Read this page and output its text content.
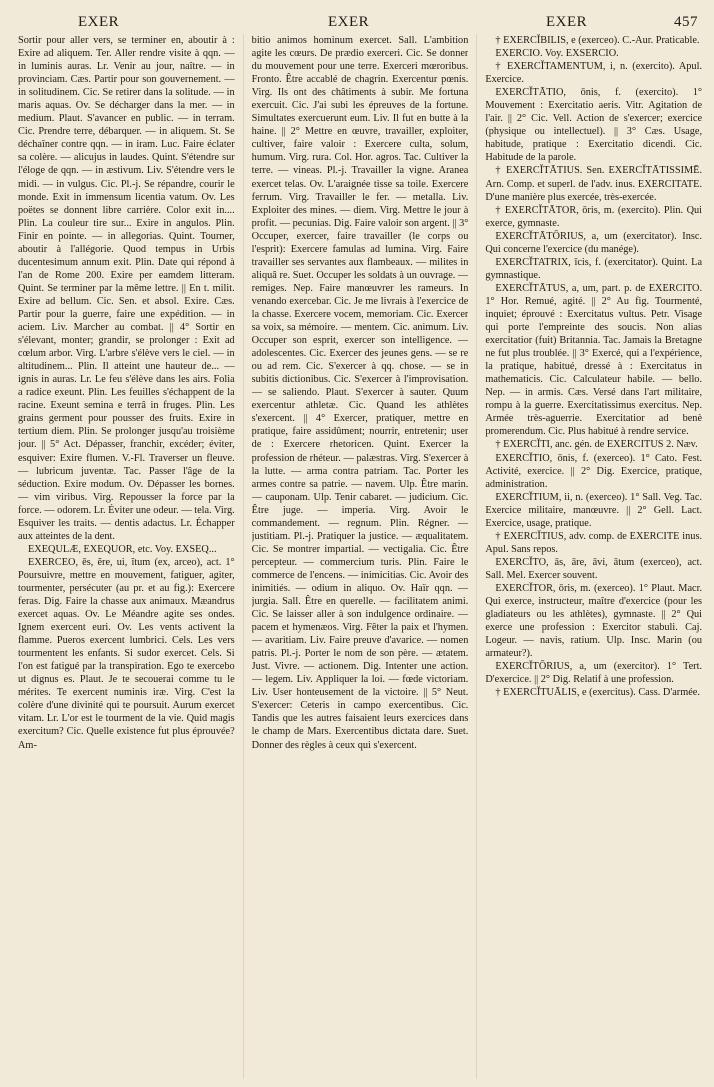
EXER	EXER	EXER	457

Sortir pour aller vers, se terminer en, aboutir à : Exire ad aliquem. Ter. Aller rendre visite à qqn. — in luminis auras. Lr. Venir au jour, naître. — in provinciam. Cæs. Partir pour son gouvernement. — in solitudinem. Cic. Se retirer dans la solitude. — in maris aquas. Ov. Se décharger dans la mer. — in medium. Plaut. S'avancer en public. — in terram. Cic. Prendre terre, débarquer. — in aliquem. St. Se déchaîner contre qqn. — in iram. Luc. Faire éclater sa colère. — alicujus in laudes. Quint. S'étendre sur l'éloge de qqn. — in æstivum. Liv. S'étendre vers le midi. — in vulgus. Cic. Pl.-j. Se répandre, courir le monde. Exit in immensum licentia vatum. Ov. Les poëtes se donnent libre carrière. Color exit in.... Plin. La couleur tire sur... Exire in angulos. Plin. Finir en pointe. — in allegorias. Quint. Tourner, aboutir à l'allégorie. Quod tempus in Urbis ducentesimum annum exit. Plin. Date qui répond à l'an de Rome 200. Exire per eamdem litteram. Quint. Se terminer par la même lettre. || En t. milit. Exire ad bellum. Cic. Sen. et absol. Exire. Cæs. Partir pour la guerre, faire une expédition. — in aciem. Liv. Marcher au combat. || 4° Sortir en s'élevant, monter; grandir, se prolonger : Exit ad cœlum arbor. Virg. L'arbre s'élève vers le ciel. — in altitudinem... Plin. Il atteint une hauteur de... — ignis in auras. Lr. Le feu s'élève dans les airs. Folia a radice exeunt. Plin. Les feuilles s'échappent de la racine. Exeunt semina e terrâ in fruges. Plin. Les grains germent pour pousser des fruits. Exire in tertium diem. Plin. Se prolonger jusqu'au troisième jour. || 5° Act. Dépasser, franchir, excéder; éviter, esquiver: Exire flumen. V.-Fl. Traverser un fleuve. — lubricum juventæ. Tac. Passer l'âge de la séduction. Exire modum. Ov. Dépasser les bornes. — vim viribus. Virg. Repousser la force par la force. — odorem. Lr. Éviter une odeur. — tela. Virg. Esquiver les traits. — dentis adactus. Lr. Échapper aux atteintes de la dent.

EXEQULÆ, EXEQUOR, etc. Voy. EXSEQ...

EXERCEO, ēs, ĕre, ui, ĭtum (ex, arceo), act. 1° Poursuivre, mettre en mouvement, fatiguer, agiter, tourmenter, persécuter (au pr. et au fig.): Exercere feras. Dig. Faire la chasse aux animaux. Mæandrus exercet aquas. Ov. Le Méandre agite ses ondes. Ignem exercent euri. Ov. Les vents activent la flamme. Pueros exercent lumbrici. Cels. Les vers tourmentent les enfants. Si sudor exercet. Cels. Si l'on est fatigué par la transpiration. Ego te exercebo ut dignus es. Plaut. Je te secouerai comme tu le mérites. Te exercent numinis iræ. Virg. C'est la colère d'une divinité qui te poursuit. Aurum exercet vitam. Lr. L'or est le tourment de la vie. Quid magis exercitum? Cic. Quelle existence fut plus éprouvée? Am-

bitio animos hominum exercet. Sall. L'ambition agite les cœurs. De prædio exerceri. Cic. Se donner du mouvement pour une terre. Exerceri mœroribus. Fronto. Être accablé de chagrin. Exercentur pœnis. Virg. Ils ont des châtiments à subir. Me fortuna exercuit. Cic. J'ai subi les épreuves de la fortune. Simultates exercuerunt eum. Liv. Il fut en butte à la haine. || 2° Mettre en œuvre, travailler, exploiter, cultiver, faire valoir : Exercere culta, solum, humum. Virg. rura. Col. Hor. agros. Tac. Cultiver la terre. — vineas. Pl.-j. Travailler la vigne. Aranea exercet telas. Ov. L'araignée tisse sa toile. Exercere ferrum. Virg. Travailler le fer. — metalla. Liv. Exploiter des mines. — diem. Virg. Mettre le jour à profit. — pecunias. Dig. Faire valoir son argent. || 3° Occuper, exercer, faire travailler (le corps ou l'esprit): Exercere famulas ad lumina. Virg. Faire travailler ses servantes aux flambeaux. — milites in aliquâ re. Suet. Occuper les soldats à un ouvrage. — remiges. Nep. Faire manœuvrer les rameurs. In venando exercebar. Cic. Je me livrais à l'exercice de la chasse. Exercere vocem, memoriam. Cic. Exercer sa voix, sa mémoire. — mentem. Cic. animum. Liv. Occuper son esprit, exercer son intelligence. — adolescentes. Cic. Exercer des jeunes gens. — se re ou ad rem. Cic. S'exercer à qq. chose. — se in subitis dictionibus. Cic. S'exercer à l'improvisation. — se saliendo. Plaut. S'exercer à sauter. Quum exercentur athletæ. Cic. Quand les athlètes s'exercent. || 4° Exercer, pratiquer, mettre en pratique, faire assidûment; nourrir, entretenir; user de : Exercere rhetoricen. Quint. Exercer la profession de rhéteur. — palæstras. Virg. S'exercer à la lutte. — arma contra patriam. Tac. Porter les armes contre sa patrie. — navem. Ulp. Être marin. — cauponam. Ulp. Tenir cabaret. — judicium. Cic. Être juge. — imperia. Virg. Avoir le commandement. — regnum. Plin. Régner. — justitiam. Pl.-j. Pratiquer la justice. — æqualitatem. Cic. Se montrer impartial. — vectigalia. Cic. Être percepteur. — commercium turis. Plin. Faire le commerce de l'encens. — inimicitias. Cic. Avoir des inimitiés. — odium in aliquo. Ov. Haïr qqn. — jurgia. Sall. Être en querelle. — facilitatem animi. Cic. Se laisser aller à son indulgence ordinaire. — pacem et hymenæos. Virg. Fêter la paix et l'hymen. — avaritiam. Liv. Faire preuve d'avarice. — nomen patris. Pl.-j. Porter le nom de son père. — ætatem. Just. Vivre. — actionem. Dig. Intenter une action. — legem. Liv. Appliquer la loi. — fœde victoriam. Liv. User honteusement de la victoire. || 5° Neut. S'exercer: Ceteris in campo exercentibus. Cic. Tandis que les autres faisaient leurs exercices dans le champ de Mars. Exercentibus dictata dare. Suet. Donner des règles à ceux qui s'exercent.

† EXERCĬBILIS, e (exerceo). C.-Aur. Praticable.

EXERCIO. Voy. EXSERCIO.

† EXERCĬTAMENTUM, i, n. (exercito). Apul. Exercice.

EXERCĬTĀTIO, ōnis, f. (exercito). 1° Mouvement : Exercitatio aeris. Vitr. Agitation de l'air. || 2° Cic. Vell. Action de s'exercer; exercice (physique ou intellectuel). || 3° Cæs. Usage, habitude, pratique : Exercitatio dicendi. Cic. Habitude de la parole.

† EXERCĬTĀTIUS. Sen. EXERCĬTĀTISSIMĒ. Arn. Comp. et superl. de l'adv. inus. EXERCITATE. D'une manière plus exercée, très-exercée.

† EXERCĬTĀTOR, ōris, m. (exercito). Plin. Qui exerce, gymnaste.

EXERCĬTĀTŌRIUS, a, um (exercitator). Insc. Qui concerne l'exercice (du manége).

EXERCĬTATRIX, īcis, f. (exercitator). Quint. La gymnastique.

EXERCĬTĀTUS, a, um, part. p. de EXERCITO. 1° Hor. Remué, agité. || 2° Au fig. Tourmenté, inquiet; éprouvé : Exercitatus vultus. Petr. Visage qui porte l'empreinte des soucis. Non alias exercitatior (fuit) Britannia. Tac. Jamais la Bretagne ne fut plus troublée. || 3° Exercé, qui a l'expérience, la pratique, habitué, dressé à : Exercitatus in mathematicis. Cic. Calculateur habile. — bello. Nep. — in armis. Cæs. Versé dans l'art militaire, rompu à la guerre. Exercitatissimus exercitus. Nep. Armée très-aguerrie. Exercitatior ad benè promerendum. Cic. Plus habitué à rendre service.

† EXERCĬTI, anc. gén. de EXERCITUS 2. Næv.

EXERCĬTIO, ōnis, f. (exerceo). 1° Cato. Fest. Activité, exercice. || 2° Dig. Exercice, pratique, administration.

EXERCĬTIUM, ii, n. (exerceo). 1° Sall. Veg. Tac. Exercice militaire, manœuvre. || 2° Gell. Lact. Exercice, usage, pratique.

† EXERCĬTIUS, adv. comp. de EXERCITE inus. Apul. Sans repos.

EXERCĬTO, ās, āre, āvi, ātum (exerceo), act. Sall. Mel. Exercer souvent.

EXERCĬTOR, ōris, m. (exerceo). 1° Plaut. Macr. Qui exerce, instructeur, maître d'exercice (pour les gladiateurs ou les athlètes), gymnaste. || 2° Qui exerce une profession : Exercitor stabuli. Caj. Logeur. — navis, ratium. Ulp. Insc. Marin (ou armateur?).

EXERCĬTŌRIUS, a, um (exercitor). 1° Tert. D'exercice. || 2° Dig. Relatif à une profession.

† EXERCĬTUĀLIS, e (exercitus). Cass. D'armée.
